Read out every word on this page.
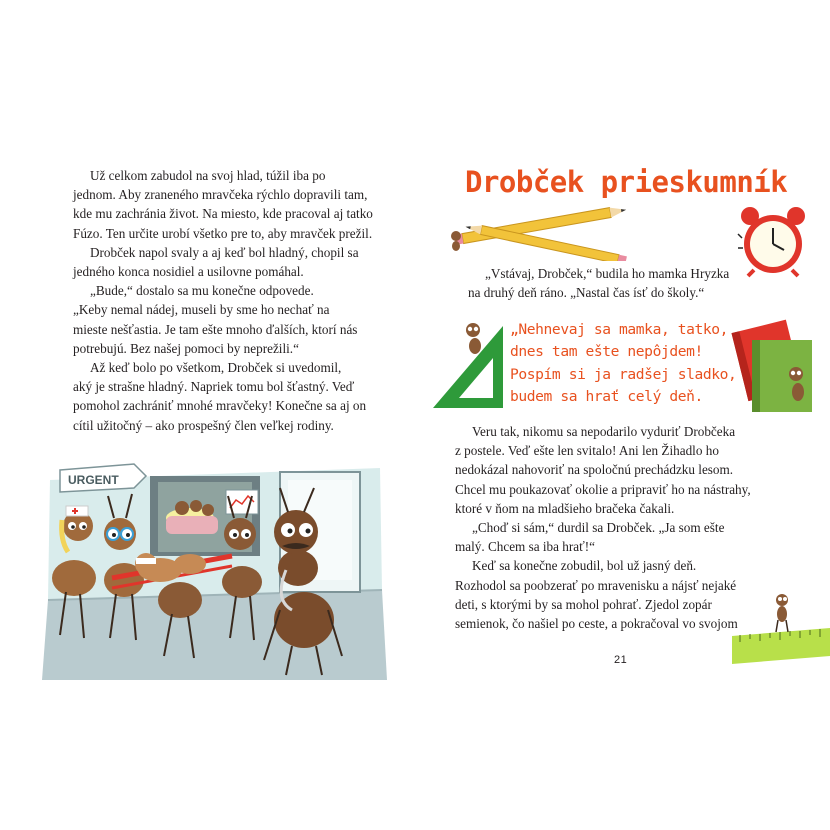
Už celkom zabudol na svoj hlad, túžil iba po
jednom. Aby zraneného mravčeka rýchlo dopravili tam,
kde mu zachránia život. Na miesto, kde pracoval aj tatko
Fúzo. Ten určite urobí všetko pre to, aby mravček prežil.
Drobček napol svaly a aj keď bol hladný, chopil sa
jedného konca nosidiel a usilovne pomáhal.
„Bude,“ dostalo sa mu konečne odpovede.
„Keby nemal nádej, museli by sme ho nechať na
mieste nešťastia. Je tam ešte mnoho ďalších, ktorí nás
potrebujú. Bez našej pomoci by neprežili.“
Až keď bolo po všetkom, Drobček si uvedomil,
aký je strašne hladný. Napriek tomu bol šťastný. Veď
pomohol zachrániť mnohé mravčeky! Konečne sa aj on
cítil užitočný – ako prospešný člen veľkej rodiny.
URGENT
Drobček prieskumník
„Vstávaj, Drobček,“ budila ho mamka Hryzka
na druhý deň ráno. „Nastal čas ísť do školy.“
„Nehnevaj sa mamka, tatko,
dnes tam ešte nepôjdem!
Pospím si ja radšej sladko,
budem sa hrať celý deň.
Veru tak, nikomu sa nepodarilo vyduriť Drobčeka
z postele. Veď ešte len svitalo! Ani len Žihadlo ho
nedokázal nahovoriť na spoločnú prechádzku lesom.
Chcel mu poukazovať okolie a pripraviť ho na nástrahy,
ktoré v ňom na mladšieho bračeka čakali.
„Choď si sám,“ durdil sa Drobček. „Ja som ešte
malý. Chcem sa iba hrať!“
Keď sa konečne zobudil, bol už jasný deň.
Rozhodol sa poobzerať po mravenisku a nájsť nejaké
deti, s ktorými by sa mohol pohrať. Zjedol zopár
semienok, čo našiel po ceste, a pokračoval vo svojom
21
